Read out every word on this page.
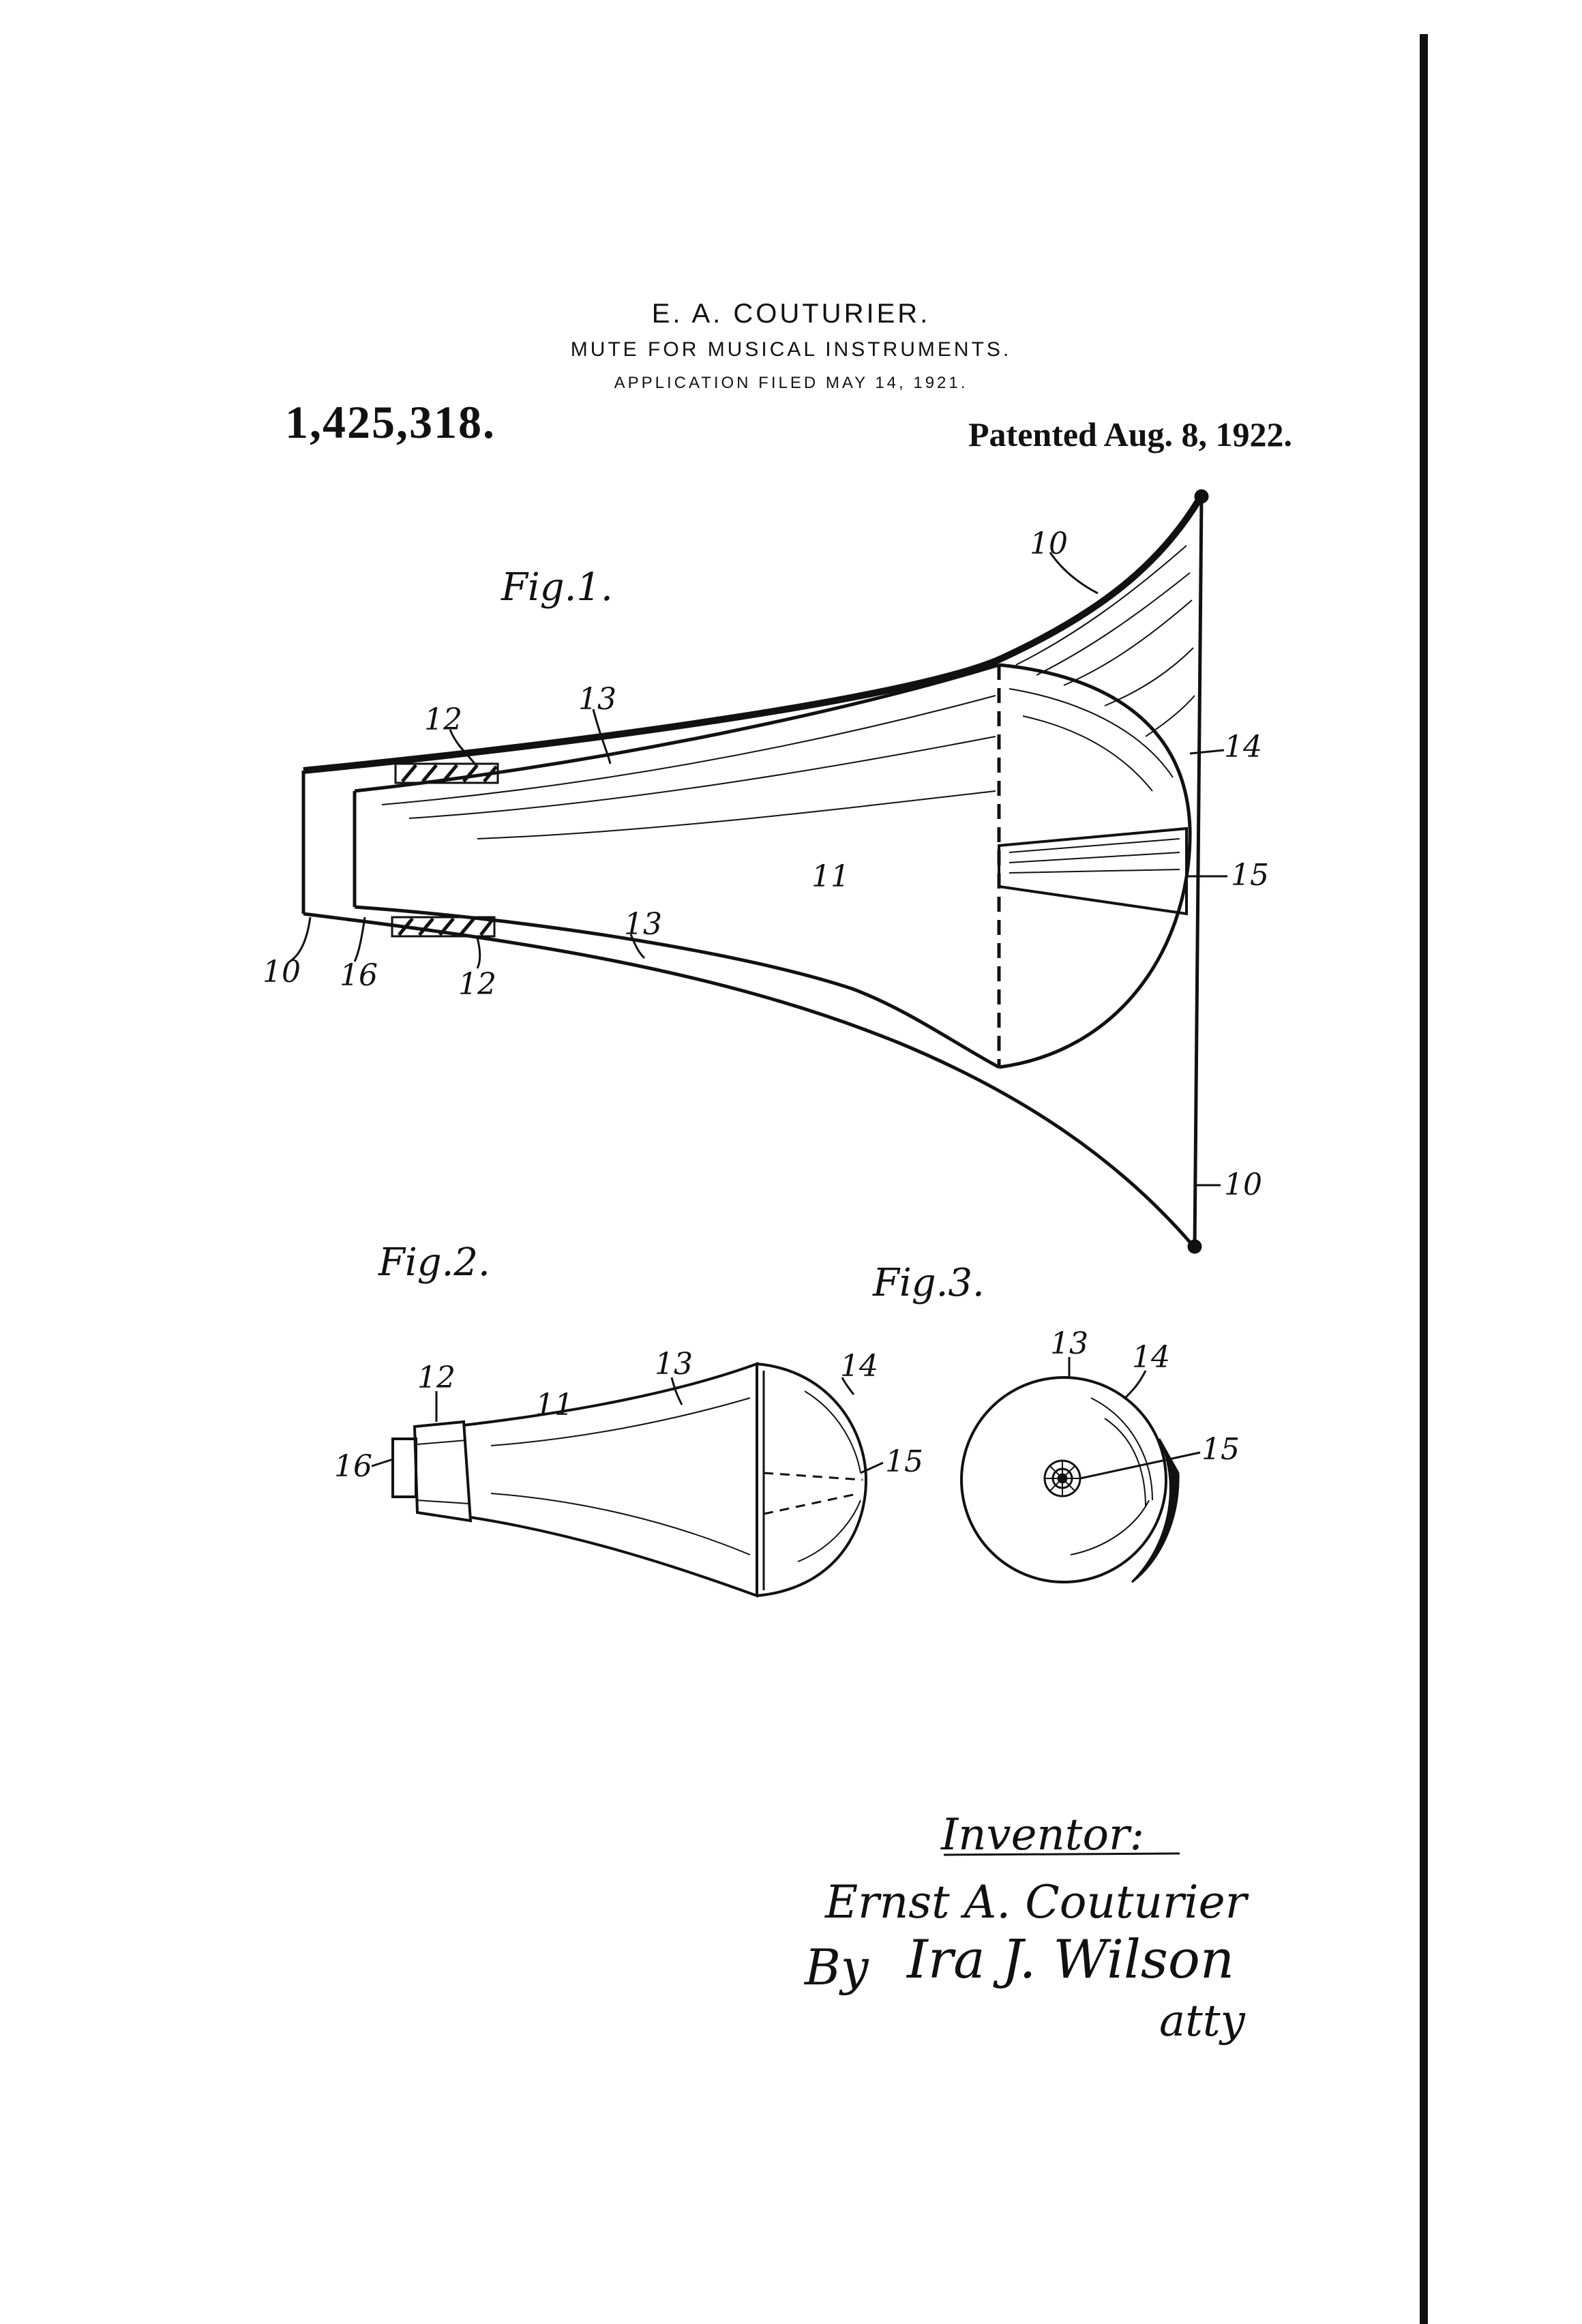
E. A. COUTURIER.
MUTE FOR MUSICAL INSTRUMENTS.
APPLICATION FILED MAY 14, 1921.
1,425,318.	Patented Aug. 8, 1922.
Fig.1.
Fig.2.	Fig.3.
10
12
13
14
11	15
13
10 16	12
10
12
11
13	14
16	15
13 14
15
Inventor:
Ernst A. Couturier
By Ira J. Wilson
atty
